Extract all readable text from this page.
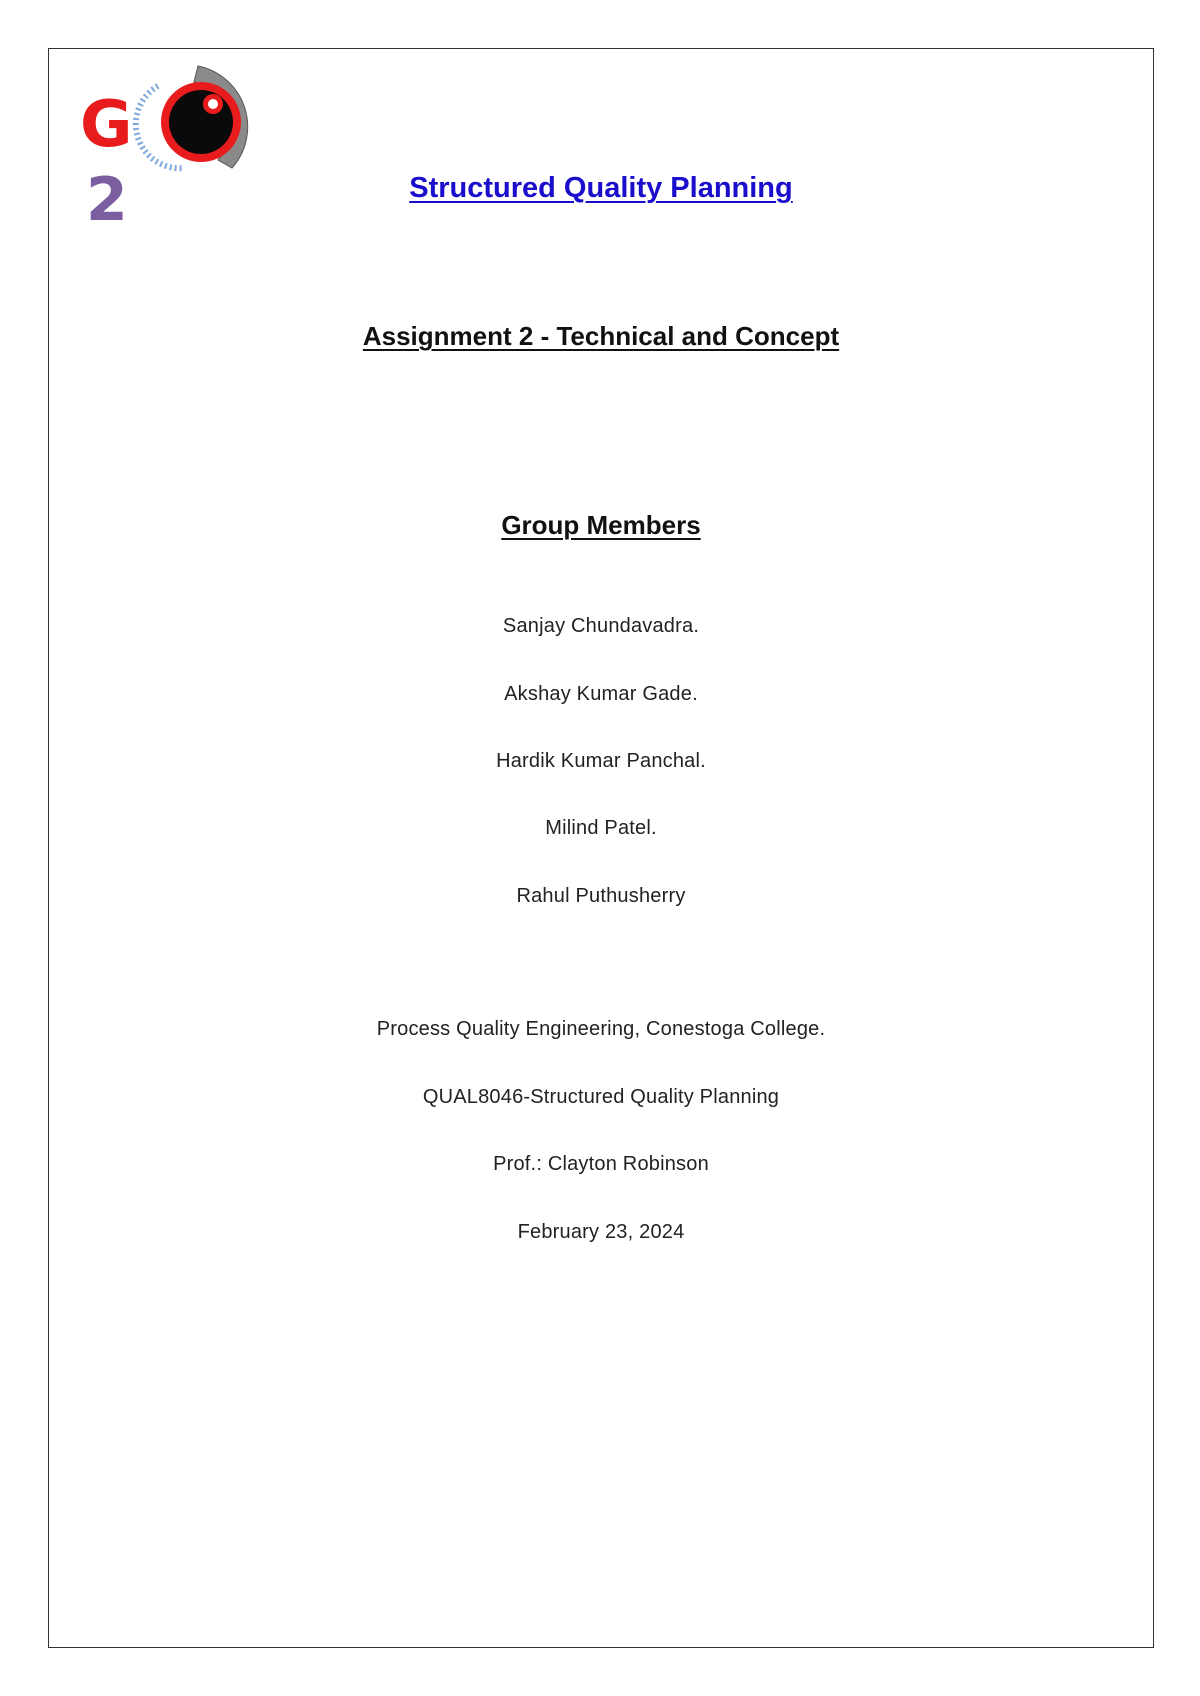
G
2	Structured Quality Planning
Assignment 2 - Technical and Concept
Group Members
Sanjay Chundavadra.
Akshay Kumar Gade.
Hardik Kumar Panchal.
Milind Patel.
Rahul Puthusherry
Process Quality Engineering, Conestoga College.
QUAL8046-Structured Quality Planning
Prof.: Clayton Robinson
February 23, 2024
